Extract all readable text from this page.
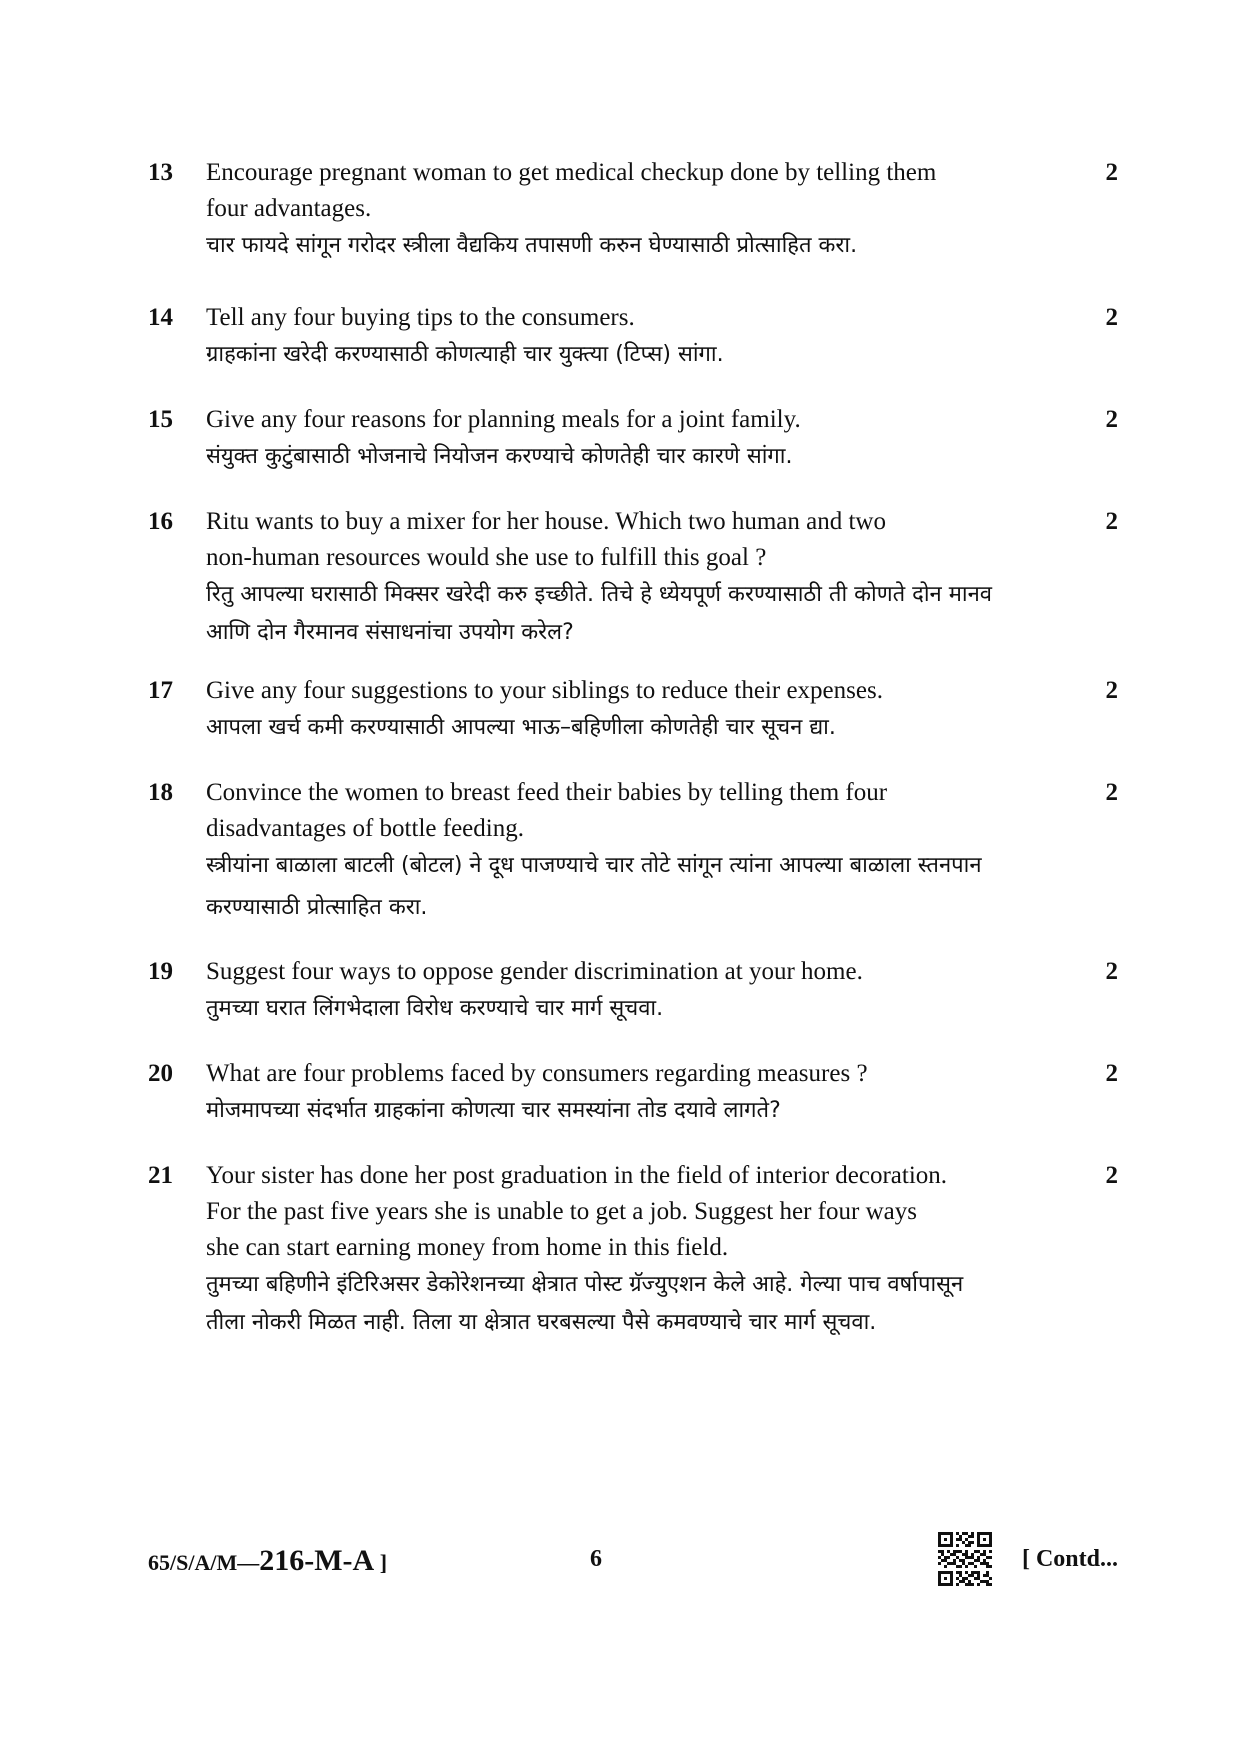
13	Encourage pregnant woman to get medical checkup done by telling them

four advantages.

चार फायदे सांगून गरोदर स्त्रीला वैद्यकिय तपासणी करुन घेण्यासाठी प्रोत्साहित करा.

2
14	Tell any four buying tips to the consumers.

ग्राहकांना खरेदी करण्यासाठी कोणत्याही चार युक्त्या (टिप्स) सांगा.

2
15	Give any four reasons for planning meals for a joint family.

संयुक्त कुटुंबासाठी भोजनाचे नियोजन करण्याचे कोणतेही चार कारणे सांगा.

2
16	Ritu wants to buy a mixer for her house. Which two human and two

non-human resources would she use to fulfill this goal ?

रितु आपल्या घरासाठी मिक्सर खरेदी करु इच्छीते. तिचे हे ध्येयपूर्ण करण्यासाठी ती कोणते दोन मानव

आणि दोन गैरमानव संसाधनांचा उपयोग करेल?

2
17	Give any four suggestions to your siblings to reduce their expenses.

आपला खर्च कमी करण्यासाठी आपल्या भाऊ–बहिणीला कोणतेही चार सूचन द्या.

2
18	Convince the women to breast feed their babies by telling them four

disadvantages of bottle feeding.

स्त्रीयांना बाळाला बाटली (बोटल) ने दूध पाजण्याचे चार तोटे सांगून त्यांना आपल्या बाळाला स्तनपान

करण्यासाठी प्रोत्साहित करा.

2
19	Suggest four ways to oppose gender discrimination at your home.

तुमच्या घरात लिंगभेदाला विरोध करण्याचे चार मार्ग सूचवा.

2
20	What are four problems faced by consumers regarding measures ?

मोजमापच्या संदर्भात ग्राहकांना कोणत्या चार समस्यांना तोड दयावे लागते?

2
21	Your sister has done her post graduation in the field of interior decoration.

For the past five years she is unable to get a job. Suggest her four ways

she can start earning money from home in this field.

तुमच्या बहिणीने इंटिरिअसर डेकोरेशनच्या क्षेत्रात पोस्ट ग्रॅज्युएशन केले आहे. गेल्या पाच वर्षापासून

तीला नोकरी मिळत नाही. तिला या क्षेत्रात घरबसल्या पैसे कमवण्याचे चार मार्ग सूचवा.

2
65/S/A/M—216-M-A ]	6	[ Contd...
